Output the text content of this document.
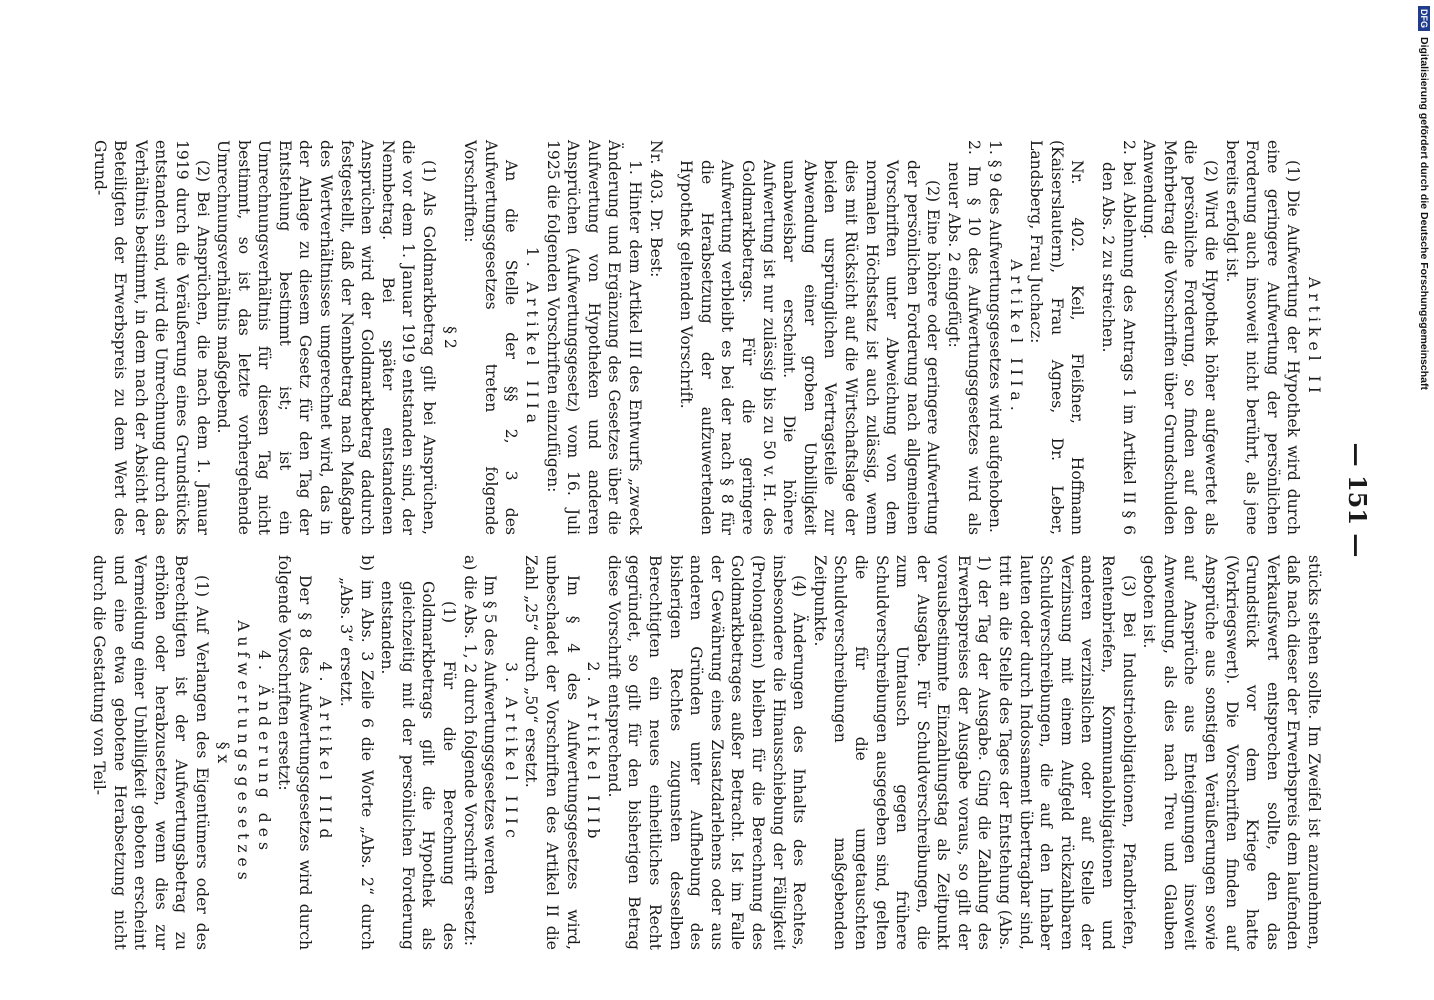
— 151 —

Artikel II

(1) Die Aufwertung der Hypothek wird durch eine geringere Aufwertung der persönlichen Forderung auch insoweit nicht berührt, als jene bereits erfolgt ist.

(2) Wird die Hypothek höher aufgewertet als die persönliche Forderung, so finden auf den Mehrbetrag die Vorschriften über Grundschulden Anwendung.

2. bei Ablehnung des Antrags 1 im Artikel II § 6 den Abs. 2 zu streichen.

Nr. 402. Keil, Fleißner, Hoffmann (Kaiserslautern), Frau Agnes, Dr. Leber, Landsberg, Frau Juchacz:

Artikel IIIa.

1. § 9 des Aufwertungsgesetzes wird aufgehoben.

2. Im § 10 des Aufwertungsgesetzes wird als neuer Abs. 2 eingefügt:

(2) Eine höhere oder geringere Aufwertung der persönlichen Forderung nach allgemeinen Vorschriften unter Abweichung von dem normalen Höchstsatz ist auch zulässig, wenn dies mit Rücksicht auf die Wirtschaftslage der beiden ursprünglichen Vertragsteile zur Abwendung einer groben Unbilligkeit unabweisbar erscheint. Die höhere Aufwertung ist nur zulässig bis zu 50 v. H. des Goldmarkbetrags. Für die geringere Aufwertung verbleibt es bei der nach § 8 für die Herabsetzung der aufzuwertenden Hypothek geltenden Vorschrift.

Nr. 403. Dr. Best:

1. Hinter dem Artikel III des Entwurfs „zweck Änderung und Ergänzung des Gesetzes über die Aufwertung von Hypotheken und anderen Ansprüchen (Aufwertungsgesetz) vom 16. Juli 1925 die folgenden Vorschriften einzufügen:

1. Artikel IIIa

An die Stelle der §§ 2, 3 des Aufwertungsgesetzes treten folgende Vorschriften:

§ 2

(1) Als Goldmarkbetrag gilt bei Ansprüchen, die vor dem 1. Januar 1919 entstanden sind, der Nennbetrag. Bei später entstandenen Ansprüchen wird der Goldmarkbetrag dadurch festgestellt, daß der Nennbetrag nach Maßgabe des Wertverhältnisses umgerechnet wird, das in der Anlage zu diesem Gesetz für den Tag der Entstehung bestimmt ist; ist ein Umrechnungsverhältnis für diesen Tag nicht bestimmt, so ist das letzte vorhergehende Umrechnungsverhältnis maßgebend.

(2) Bei Ansprüchen, die nach dem 1. Januar 1919 durch die Veräußerung eines Grundstücks entstanden sind, wird die Umrechnung durch das Verhältnis bestimmt, in dem nach der Absicht der Beteiligten der Erwerbspreis zu dem Wert des Grund-

stücks stehen sollte. Im Zweifel ist anzunehmen, daß nach dieser der Erwerbspreis dem laufenden Verkaufswert entsprechen sollte, den das Grundstück vor dem Kriege hatte (Vorkriegswert). Die Vorschriften finden auf Ansprüche aus sonstigen Veräußerungen sowie auf Ansprüche aus Enteignungen insoweit Anwendung, als dies nach Treu und Glauben geboten ist.

(3) Bei Industrieobligationen, Pfandbriefen, Rentenbriefen, Kommunalobligationen und anderen verzinslichen oder auf Stelle der Verzinsung mit einem Aufgeld rückzahlbaren Schuldverschreibungen, die auf den Inhaber lauten oder durch Indossament übertragbar sind, tritt an die Stelle des Tages der Entstehung (Abs. 1) der Tag der Ausgabe. Ging die Zahlung des Erwerbspreises der Ausgabe voraus, so gilt der vorausbestimmte Einzahlungstag als Zeitpunkt der Ausgabe. Für Schuldverschreibungen, die zum Umtausch gegen frühere Schuldverschreibungen ausgegeben sind, gelten die für die umgetauschten Schuldverschreibungen maßgebenden Zeitpunkte.

(4) Änderungen des Inhalts des Rechtes, insbesondere die Hinausschiebung der Fälligkeit (Prolongation) bleiben für die Berechnung des Goldmarkbetrages außer Betracht. Ist im Falle der Gewährung eines Zusatzdarlehens oder aus anderen Gründen unter Aufhebung des bisherigen Rechtes zugunsten desselben Berechtigten ein neues einheitliches Recht gegründet, so gilt für den bisherigen Betrag diese Vorschrift entsprechend.

2. Artikel IIIb

Im § 4 des Aufwertungsgesetzes wird, unbeschadet der Vorschriften des Artikel II die Zahl „25“ durch „50“ ersetzt.

3. Artikel IIIc

Im § 5 des Aufwertungsgesetzes werden

a) die Abs. 1, 2 durch folgende Vorschrift ersetzt:

(1) Für die Berechnung des Goldmarkbetrags gilt die Hypothek als gleichzeitig mit der persönlichen Forderung entstanden.

b) im Abs. 3 Zeile 6 die Worte „Abs. 2“ durch „Abs. 3“ ersetzt.

4. Artikel IIId

Der § 8 des Aufwertungsgesetzes wird durch folgende Vorschriften ersetzt:

4. Änderung des Aufwertungsgesetzes

§ x

(1) Auf Verlangen des Eigentümers oder des Berechtigten ist der Aufwertungsbetrag zu erhöhen oder herabzusetzen, wenn dies zur Vermeidung einer Unbilligkeit geboten erscheint und eine etwa gebotene Herabsetzung nicht durch die Gestattung von Teil-

DFG
Digitalisierung gefördert durch die Deutsche Forschungsgemeinschaft
